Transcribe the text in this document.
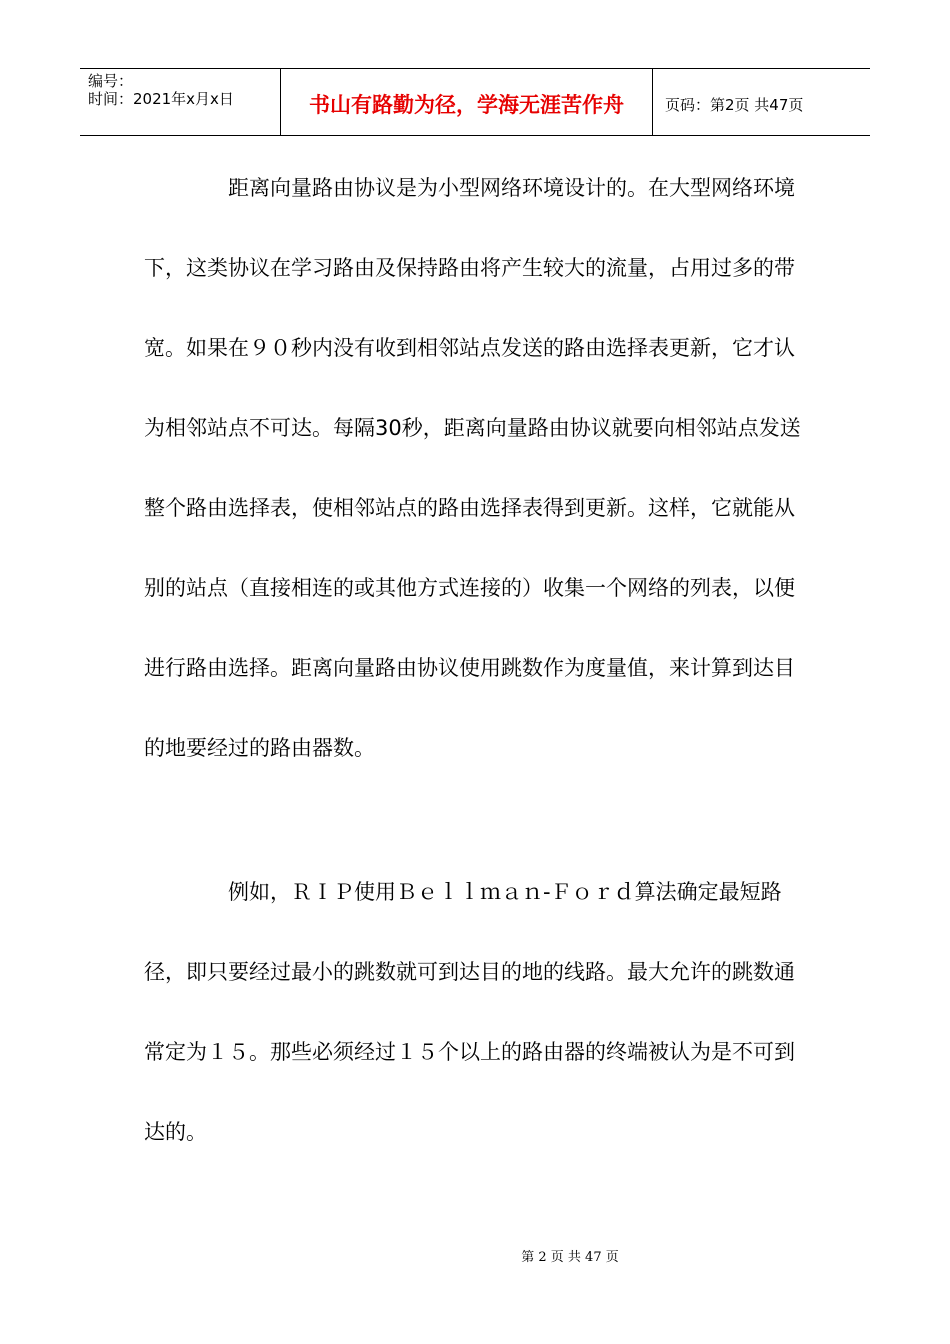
编号：
时间：2021年x月x日	书山有路勤为径，学海无涯苦作舟	页码：第2页 共47页

距离向量路由协议是为小型网络环境设计的。在大型网络环境下，这类协议在学习路由及保持路由将产生较大的流量，占用过多的带宽。如果在９０秒内没有收到相邻站点发送的路由选择表更新，它才认为相邻站点不可达。每隔30秒，距离向量路由协议就要向相邻站点发送整个路由选择表，使相邻站点的路由选择表得到更新。这样，它就能从别的站点（直接相连的或其他方式连接的）收集一个网络的列表，以便进行路由选择。距离向量路由协议使用跳数作为度量值，来计算到达目的地要经过的路由器数。

例如，ＲＩＰ使用Ｂｅｌｌｍａｎ-Ｆｏｒｄ算法确定最短路径，即只要经过最小的跳数就可到达目的地的线路。最大允许的跳数通常定为１５。那些必须经过１５个以上的路由器的终端被认为是不可到达的。

第 2 页 共 47 页
